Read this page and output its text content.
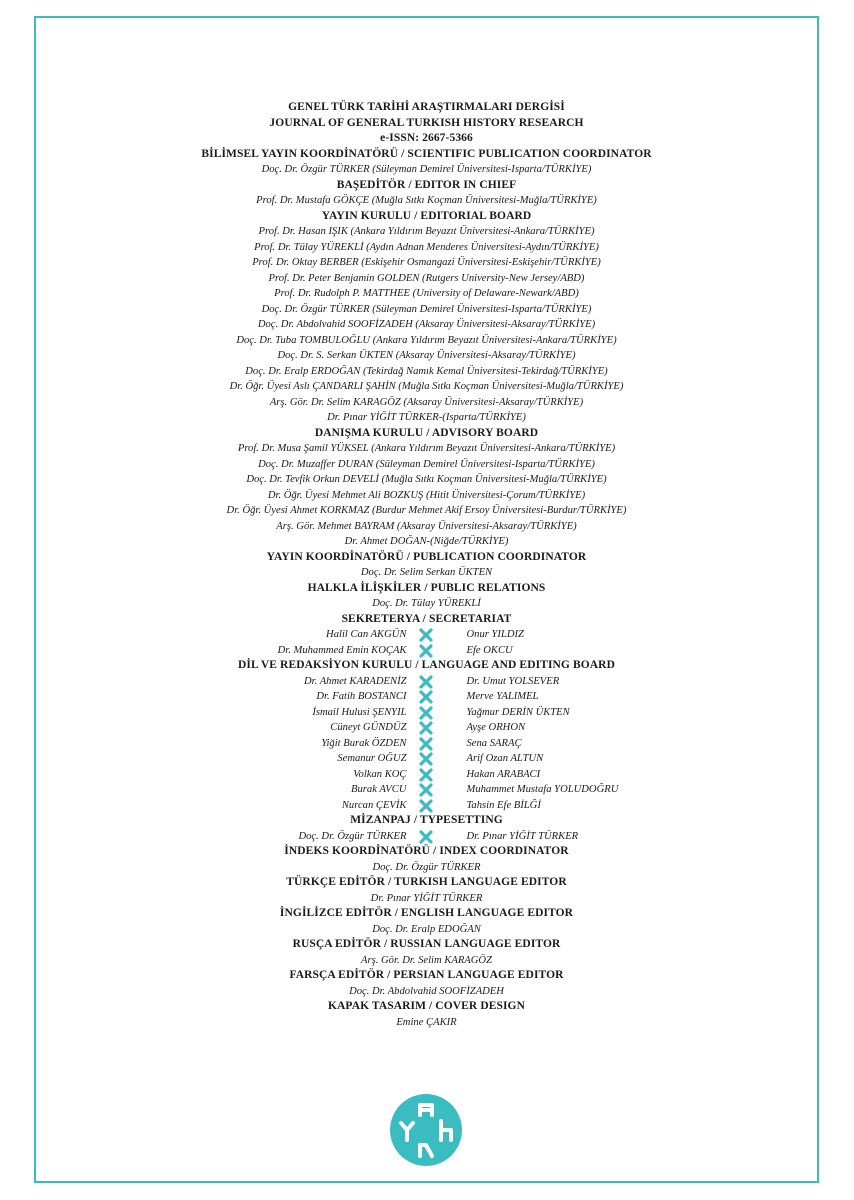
GENEL TÜRK TARİHİ ARAŞTIRMALARI DERGİSİ
JOURNAL OF GENERAL TURKISH HISTORY RESEARCH
e-ISSN: 2667-5366
BİLİMSEL YAYIN KOORDİNATÖRÜ / SCIENTIFIC PUBLICATION COORDINATOR
Doç. Dr. Özgür TÜRKER (Süleyman Demirel Üniversitesi-Isparta/TÜRKİYE)
BAŞEDİTÖR / EDITOR IN CHIEF
Prof. Dr. Mustafa GÖKÇE (Muğla Sıtkı Koçman Üniversitesi-Muğla/TÜRKİYE)
YAYIN KURULU / EDITORIAL BOARD
Prof. Dr. Hasan IŞIK (Ankara Yıldırım Beyazıt Üniversitesi-Ankara/TÜRKİYE)
Prof. Dr. Tülay YÜREKLİ (Aydın Adnan Menderes Üniversitesi-Aydın/TÜRKİYE)
Prof. Dr. Oktay BERBER (Eskişehir Osmangazi Üniversitesi-Eskişehir/TÜRKİYE)
Prof. Dr. Peter Benjamin GOLDEN (Rutgers University-New Jersey/ABD)
Prof. Dr. Rudolph P. MATTHEE (University of Delaware-Newark/ABD)
Doç. Dr. Özgür TÜRKER (Süleyman Demirel Üniversitesi-Isparta/TÜRKİYE)
Doç. Dr. Abdolvahid SOOFİZADEH (Aksaray Üniversitesi-Aksaray/TÜRKİYE)
Doç. Dr. Tuba TOMBULOĞLU (Ankara Yıldırım Beyazıt Üniversitesi-Ankara/TÜRKİYE)
Doç. Dr. S. Serkan ÜKTEN (Aksaray Üniversitesi-Aksaray/TÜRKİYE)
Doç. Dr. Eralp ERDOĞAN (Tekirdağ Namık Kemal Üniversitesi-Tekirdağ/TÜRKİYE)
Dr. Öğr. Üyesi Aslı ÇANDARLI ŞAHİN (Muğla Sıtkı Koçman Üniversitesi-Muğla/TÜRKİYE)
Arş. Gör. Dr. Selim KARAGÖZ (Aksaray Üniversitesi-Aksaray/TÜRKİYE)
Dr. Pınar YİĞİT TÜRKER-(Isparta/TÜRKİYE)
DANIŞMA KURULU / ADVISORY BOARD
Prof. Dr. Musa Şamil YÜKSEL (Ankara Yıldırım Beyazıt Üniversitesi-Ankara/TÜRKİYE)
Doç. Dr. Muzaffer DURAN (Süleyman Demirel Üniversitesi-Isparta/TÜRKİYE)
Doç. Dr. Tevfik Orkun DEVELİ (Muğla Sıtkı Koçman Üniversitesi-Muğla/TÜRKİYE)
Dr. Öğr. Üyesi Mehmet Ali BOZKUŞ (Hitit Üniversitesi-Çorum/TÜRKİYE)
Dr. Öğr. Üyesi Ahmet KORKMAZ (Burdur Mehmet Akif Ersoy Üniversitesi-Burdur/TÜRKİYE)
Arş. Gör. Mehmet BAYRAM (Aksaray Üniversitesi-Aksaray/TÜRKİYE)
Dr. Ahmet DOĞAN-(Niğde/TÜRKİYE)
YAYIN KOORDİNATÖRÜ / PUBLICATION COORDINATOR
Doç. Dr. Selim Serkan ÜKTEN
HALKLA İLİŞKİLER / PUBLIC RELATIONS
Doç. Dr. Tülay YÜREKLİ
SEKRETERYA / SECRETARIAT
Halil Can AKGÜN	Onur YILDIZ
Dr. Muhammed Emin KOÇAK	Efe OKCU
DİL VE REDAKSİYON KURULU / LANGUAGE AND EDITING BOARD
Dr. Ahmet KARADENİZ	Dr. Umut YOLSEVER
Dr. Fatih BOSTANCI	Merve YALIMEL
İsmail Hulusi ŞENYIL	Yağmur DERİN ÜKTEN
Cüneyt GÜNDÜZ	Ayşe ORHON
Yiğit Burak ÖZDEN	Sena SARAÇ
Semanur OĞUZ	Arif Ozan ALTUN
Volkan KOÇ	Hakan ARABACI
Burak AVCU	Muhammet Mustafa YOLUDOĞRU
Nurcan ÇEVİK	Tahsin Efe BİLĞİ
MİZANPAJ / TYPESETTING
Doç. Dr. Özgür TÜRKER	Dr. Pınar YİĞİT TÜRKER
İNDEKS KOORDİNATÖRÜ / INDEX COORDINATOR
Doç. Dr. Özgür TÜRKER
TÜRKÇE EDİTÖR / TURKISH LANGUAGE EDITOR
Dr. Pınar YİĞİT TÜRKER
İNGİLİZCE EDİTÖR / ENGLISH LANGUAGE EDITOR
Doç. Dr. Eralp EDOĞAN
RUSÇA EDİTÖR / RUSSIAN LANGUAGE EDITOR
Arş. Gör. Dr. Selim KARAGÖZ
FARSÇA EDİTÖR / PERSIAN LANGUAGE EDITOR
Doç. Dr. Abdolvahid SOOFİZADEH
KAPAK TASARIM / COVER DESIGN
Emine ÇAKIR
